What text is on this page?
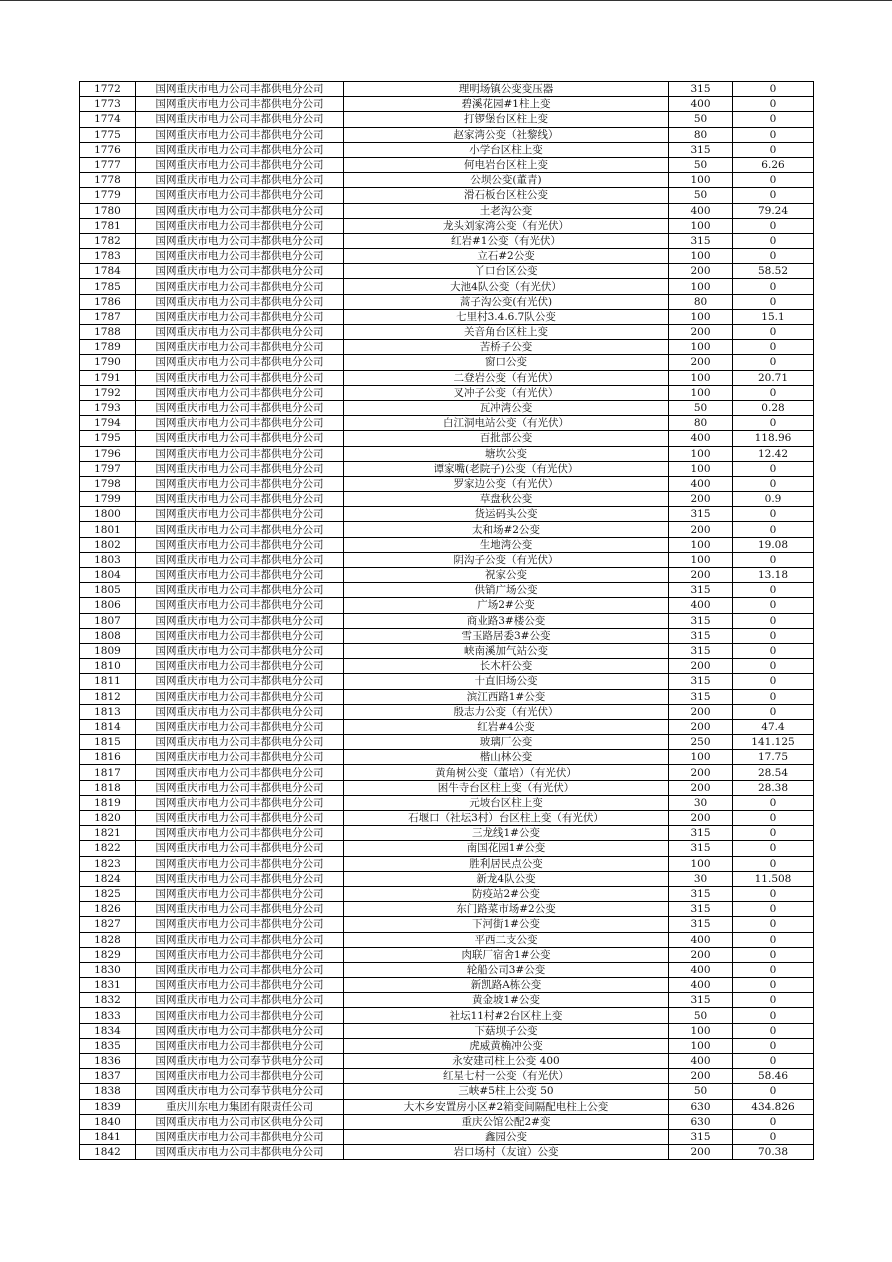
1772	国网重庆市电力公司丰都供电分公司	理明场镇公变变压器	315	0
1773	国网重庆市电力公司丰都供电分公司	碧溪花园#1柱上变	400	0
1774	国网重庆市电力公司丰都供电分公司	打锣堡台区柱上变	50	0
1775	国网重庆市电力公司丰都供电分公司	赵家湾公变（社黎线）	80	0
1776	国网重庆市电力公司丰都供电分公司	小学台区柱上变	315	0
1777	国网重庆市电力公司丰都供电分公司	何电岩台区柱上变	50	6.26
1778	国网重庆市电力公司丰都供电分公司	公坝公变(董青)	100	0
1779	国网重庆市电力公司丰都供电分公司	滑石板台区柱公变	50	0
1780	国网重庆市电力公司丰都供电分公司	土老沟公变	400	79.24
1781	国网重庆市电力公司丰都供电分公司	龙头刘家湾公变（有光伏）	100	0
1782	国网重庆市电力公司丰都供电分公司	红岩#1公变（有光伏）	315	0
1783	国网重庆市电力公司丰都供电分公司	立石#2公变	100	0
1784	国网重庆市电力公司丰都供电分公司	丫口台区公变	200	58.52
1785	国网重庆市电力公司丰都供电分公司	大池4队公变（有光伏）	100	0
1786	国网重庆市电力公司丰都供电分公司	蒿子沟公变(有光伏)	80	0
1787	国网重庆市电力公司丰都供电分公司	七里村3.4.6.7队公变	100	15.1
1788	国网重庆市电力公司丰都供电分公司	关音角台区柱上变	200	0
1789	国网重庆市电力公司丰都供电分公司	苦桥子公变	100	0
1790	国网重庆市电力公司丰都供电分公司	窗口公变	200	0
1791	国网重庆市电力公司丰都供电分公司	二登岩公变（有光伏）	100	20.71
1792	国网重庆市电力公司丰都供电分公司	叉冲子公变（有光伏）	100	0
1793	国网重庆市电力公司丰都供电分公司	瓦冲湾公变	50	0.28
1794	国网重庆市电力公司丰都供电分公司	白江洞电站公变（有光伏）	80	0
1795	国网重庆市电力公司丰都供电分公司	百批部公变	400	118.96
1796	国网重庆市电力公司丰都供电分公司	塘坎公变	100	12.42
1797	国网重庆市电力公司丰都供电分公司	谭家嘴(老院子)公变（有光伏）	100	0
1798	国网重庆市电力公司丰都供电分公司	罗家边公变（有光伏）	400	0
1799	国网重庆市电力公司丰都供电分公司	草盘秋公变	200	0.9
1800	国网重庆市电力公司丰都供电分公司	货运码头公变	315	0
1801	国网重庆市电力公司丰都供电分公司	太和场#2公变	200	0
1802	国网重庆市电力公司丰都供电分公司	生地湾公变	100	19.08
1803	国网重庆市电力公司丰都供电分公司	阴沟子公变（有光伏）	100	0
1804	国网重庆市电力公司丰都供电分公司	祝家公变	200	13.18
1805	国网重庆市电力公司丰都供电分公司	供销广场公变	315	0
1806	国网重庆市电力公司丰都供电分公司	广场2#公变	400	0
1807	国网重庆市电力公司丰都供电分公司	商业路3#楼公变	315	0
1808	国网重庆市电力公司丰都供电分公司	雪玉路居委3#公变	315	0
1809	国网重庆市电力公司丰都供电分公司	峡南溪加气站公变	315	0
1810	国网重庆市电力公司丰都供电分公司	长木杆公变	200	0
1811	国网重庆市电力公司丰都供电分公司	十直旧场公变	315	0
1812	国网重庆市电力公司丰都供电分公司	滨江西路1#公变	315	0
1813	国网重庆市电力公司丰都供电分公司	殷志力公变（有光伏）	200	0
1814	国网重庆市电力公司丰都供电分公司	红岩#4公变	200	47.4
1815	国网重庆市电力公司丰都供电分公司	玻璃厂公变	250	141.125
1816	国网重庆市电力公司丰都供电分公司	楷山林公变	100	17.75
1817	国网重庆市电力公司丰都供电分公司	黄角树公变（董培）（有光伏）	200	28.54
1818	国网重庆市电力公司丰都供电分公司	困牛寺台区柱上变（有光伏）	200	28.38
1819	国网重庆市电力公司丰都供电分公司	元坡台区柱上变	30	0
1820	国网重庆市电力公司丰都供电分公司	石堰口（社坛3村）台区柱上变（有光伏）	200	0
1821	国网重庆市电力公司丰都供电分公司	三龙线1#公变	315	0
1822	国网重庆市电力公司丰都供电分公司	南国花园1#公变	315	0
1823	国网重庆市电力公司丰都供电分公司	胜利居民点公变	100	0
1824	国网重庆市电力公司丰都供电分公司	新龙4队公变	30	11.508
1825	国网重庆市电力公司丰都供电分公司	防疫站2#公变	315	0
1826	国网重庆市电力公司丰都供电分公司	东门路菜市场#2公变	315	0
1827	国网重庆市电力公司丰都供电分公司	下河街1#公变	315	0
1828	国网重庆市电力公司丰都供电分公司	平西二支公变	400	0
1829	国网重庆市电力公司丰都供电分公司	肉联厂宿舍1#公变	200	0
1830	国网重庆市电力公司丰都供电分公司	轮船公司3#公变	400	0
1831	国网重庆市电力公司丰都供电分公司	新凯路A栋公变	400	0
1832	国网重庆市电力公司丰都供电分公司	黄金坡1#公变	315	0
1833	国网重庆市电力公司丰都供电分公司	社坛11村#2台区柱上变	50	0
1834	国网重庆市电力公司丰都供电分公司	下菇坝子公变	100	0
1835	国网重庆市电力公司丰都供电分公司	虎威黄桷冲公变	100	0
1836	国网重庆市电力公司奉节供电分公司	永安建司柱上公变 400	400	0
1837	国网重庆市电力公司丰都供电分公司	红星七村一公变（有光伏）	200	58.46
1838	国网重庆市电力公司奉节供电分公司	三峡#5柱上公变 50	50	0
1839	重庆川东电力集团有限责任公司	大木乡安置房小区#2箱变间隔配电柱上公变	630	434.826
1840	国网重庆市电力公司市区供电分公司	重庆公馆公配2#变	630	0
1841	国网重庆市电力公司丰都供电分公司	鑫园公变	315	0
1842	国网重庆市电力公司丰都供电分公司	岩口场村（友谊）公变	200	70.38
